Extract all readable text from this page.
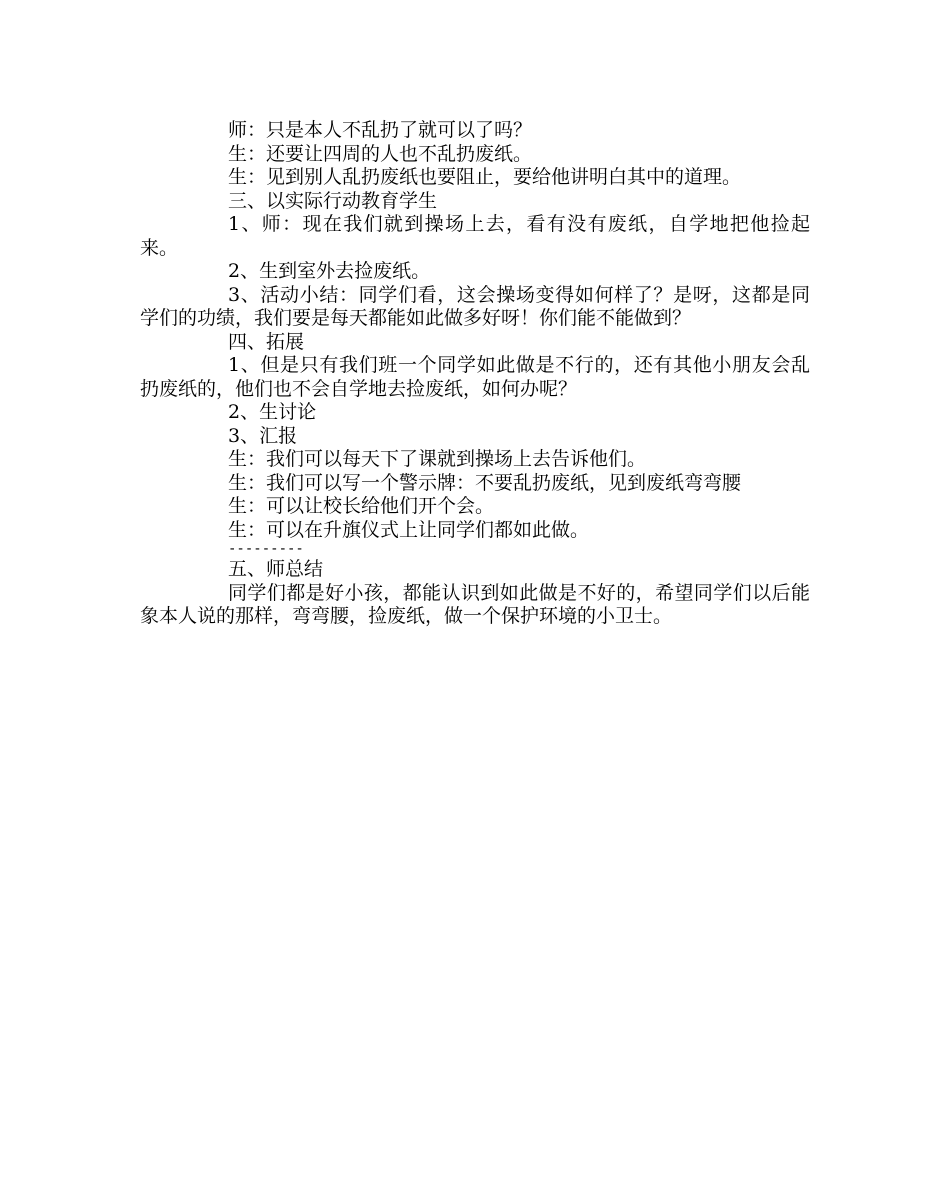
师：只是本人不乱扔了就可以了吗？

生：还要让四周的人也不乱扔废纸。

生：见到别人乱扔废纸也要阻止，要给他讲明白其中的道理。

三、以实际行动教育学生

1、师：现在我们就到操场上去，看有没有废纸，自学地把他捡起来。

2、生到室外去捡废纸。

3、活动小结：同学们看，这会操场变得如何样了？是呀，这都是同学们的功绩，我们要是每天都能如此做多好呀！你们能不能做到？

四、拓展

1、但是只有我们班一个同学如此做是不行的，还有其他小朋友会乱扔废纸的，他们也不会自学地去捡废纸，如何办呢？

2、生讨论

3、汇报

生：我们可以每天下了课就到操场上去告诉他们。

生：我们可以写一个警示牌：不要乱扔废纸，见到废纸弯弯腰

生：可以让校长给他们开个会。

生：可以在升旗仪式上让同学们都如此做。

---------

五、师总结

同学们都是好小孩，都能认识到如此做是不好的，希望同学们以后能象本人说的那样，弯弯腰，捡废纸，做一个保护环境的小卫士。
